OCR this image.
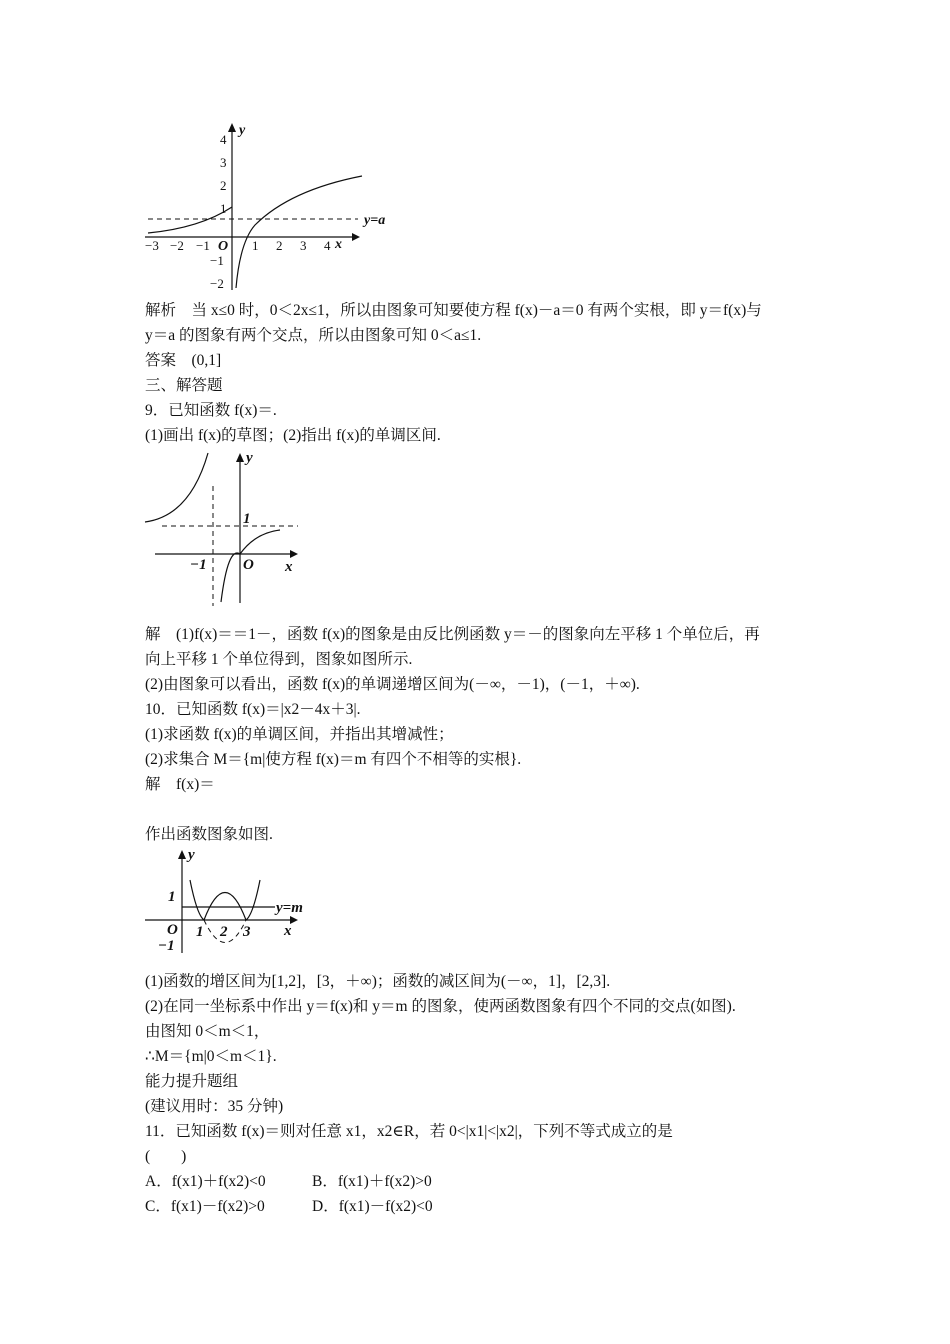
y
x
O
y=a
4
3
2
1
−1
−2
−3 −2 −1	1 2 3 4
解析　当 x≤0 时，0＜2x≤1，所以由图象可知要使方程 f(x)－a＝0 有两个实根，即 y＝f(x)与
y＝a 的图象有两个交点，所以由图象可知 0＜a≤1.
答案　(0,1]
三、解答题
9．已知函数 f(x)＝.
(1)画出 f(x)的草图；(2)指出 f(x)的单调区间.
y
x
O
1
−1
解　(1)f(x)＝＝1－，函数 f(x)的图象是由反比例函数 y＝－的图象向左平移 1 个单位后，再
向上平移 1 个单位得到，图象如图所示.
(2)由图象可以看出，函数 f(x)的单调递增区间为(－∞，－1)，(－1，＋∞).
10．已知函数 f(x)＝|x2－4x＋3|.
(1)求函数 f(x)的单调区间，并指出其增减性；
(2)求集合 M＝{m|使方程 f(x)＝m 有四个不相等的实根}.
解　f(x)＝
作出函数图象如图.
y
x
O
y=m
1
−1
1 2 3
(1)函数的增区间为[1,2]，[3，＋∞)；函数的减区间为(－∞，1]，[2,3].
(2)在同一坐标系中作出 y＝f(x)和 y＝m 的图象，使两函数图象有四个不同的交点(如图).
由图知 0＜m＜1，
∴M＝{m|0＜m＜1}.
能力提升题组
(建议用时：35 分钟)
11．已知函数 f(x)＝则对任意 x1，x2∈R，若 0<|x1|<|x2|，下列不等式成立的是
(　　)
A．f(x1)＋f(x2)<0	B．f(x1)＋f(x2)>0
C．f(x1)－f(x2)>0	D．f(x1)－f(x2)<0
